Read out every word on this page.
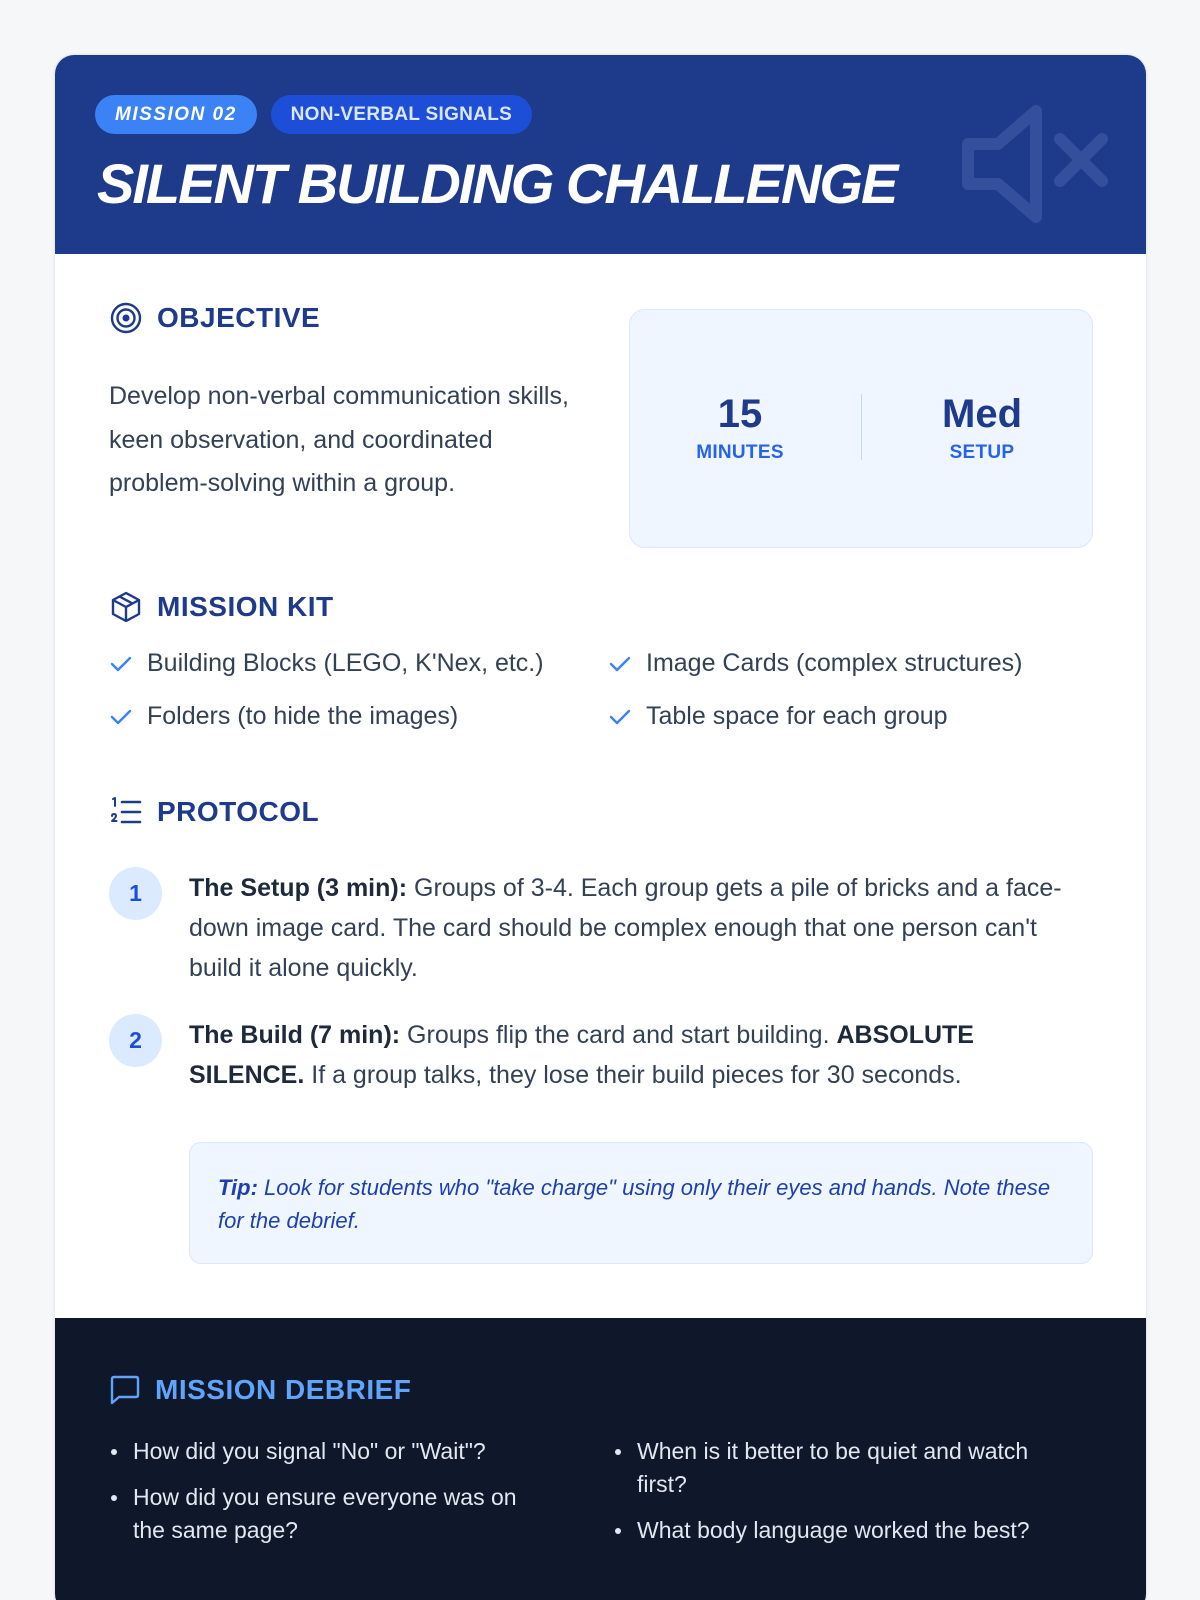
MISSION 02	NON-VERBAL SIGNALS
SILENT BUILDING CHALLENGE
OBJECTIVE
Develop non-verbal communication skills, keen observation, and coordinated problem-solving within a group.
15
MINUTES
Med
SETUP
MISSION KIT
Building Blocks (LEGO, K'Nex, etc.)	Image Cards (complex structures)
Folders (to hide the images)	Table space for each group
PROTOCOL
1	The Setup (3 min): Groups of 3-4. Each group gets a pile of bricks and a face-down image card. The card should be complex enough that one person can't build it alone quickly.
2	The Build (7 min): Groups flip the card and start building. ABSOLUTE SILENCE. If a group talks, they lose their build pieces for 30 seconds.
Tip: Look for students who "take charge" using only their eyes and hands. Note these for the debrief.
MISSION DEBRIEF
How did you signal "No" or "Wait"?
How did you ensure everyone was on the same page?
When is it better to be quiet and watch first?
What body language worked the best?
